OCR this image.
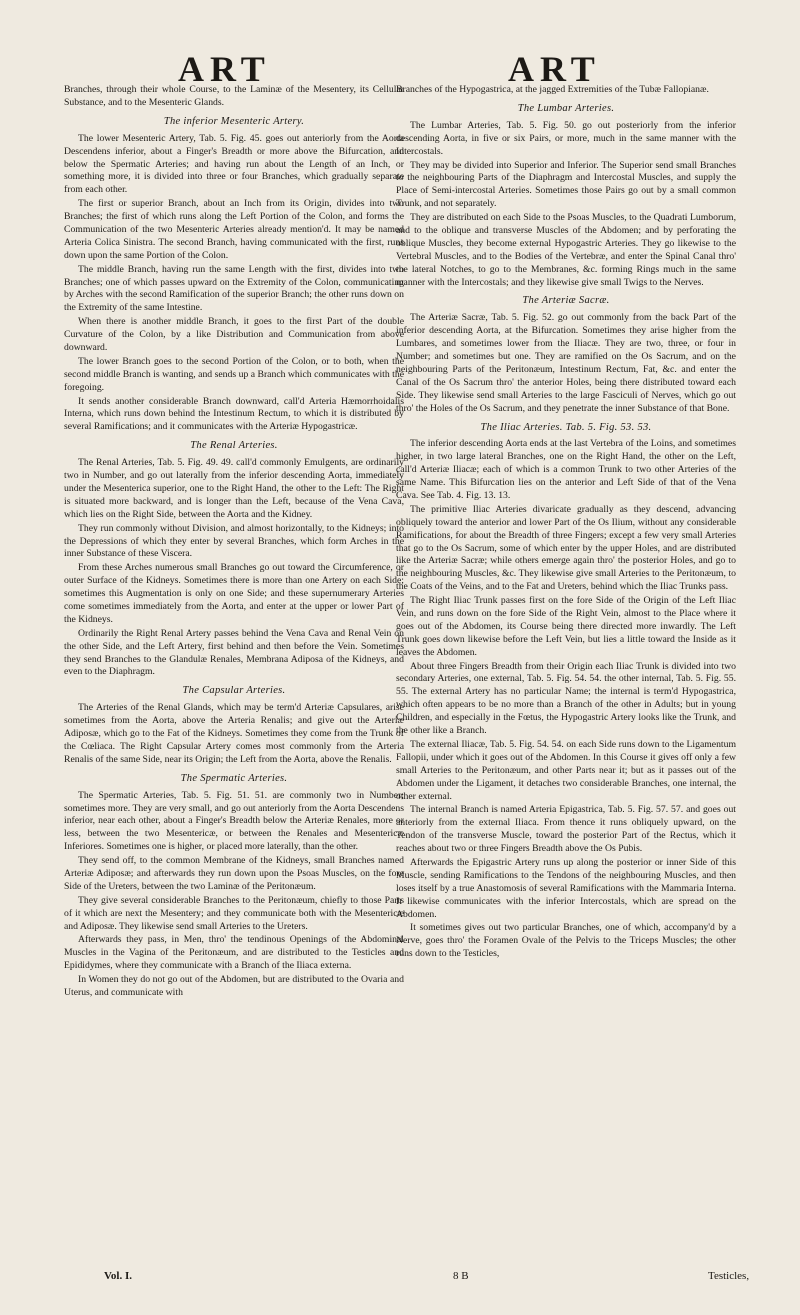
ART	ART

Branches, through their whole Course, to the Laminæ of the Mesentery, its Cellular Substance, and to the Mesenteric Glands.

The inferior Mesenteric Artery.

The lower Mesenteric Artery, Tab. 5. Fig. 45. goes out anteriorly from the Aorta Descendens inferior, about a Finger's Breadth or more above the Bifurcation, and below the Spermatic Arteries; and having run about the Length of an Inch, or something more, it is divided into three or four Branches, which gradually separate from each other.

The first or superior Branch, about an Inch from its Origin, divides into two Branches; the first of which runs along the Left Portion of the Colon, and forms the Communication of the two Mesenteric Arteries already mention'd. It may be named Arteria Colica Sinistra. The second Branch, having communicated with the first, runs down upon the same Portion of the Colon.

The middle Branch, having run the same Length with the first, divides into two Branches; one of which passes upward on the Extremity of the Colon, communicating by Arches with the second Ramification of the superior Branch; the other runs down on the Extremity of the same Intestine.

When there is another middle Branch, it goes to the first Part of the double Curvature of the Colon, by a like Distribution and Communication from above downward.

The lower Branch goes to the second Portion of the Colon, or to both, when the second middle Branch is wanting, and sends up a Branch which communicates with the foregoing.

It sends another considerable Branch downward, call'd Arteria Hæmorrhoidalis Interna, which runs down behind the Intestinum Rectum, to which it is distributed by several Ramifications; and it communicates with the Arteriæ Hypogastricæ.

The Renal Arteries.

The Renal Arteries, Tab. 5. Fig. 49. 49. call'd commonly Emulgents, are ordinarily two in Number, and go out laterally from the inferior descending Aorta, immediately under the Mesenterica superior, one to the Right Hand, the other to the Left: The Right is situated more backward, and is longer than the Left, because of the Vena Cava, which lies on the Right Side, between the Aorta and the Kidney.

They run commonly without Division, and almost horizontally, to the Kidneys; into the Depressions of which they enter by several Branches, which form Arches in the inner Substance of these Viscera.

From these Arches numerous small Branches go out toward the Circumference, or outer Surface of the Kidneys. Sometimes there is more than one Artery on each Side; sometimes this Augmentation is only on one Side; and these supernumerary Arteries come sometimes immediately from the Aorta, and enter at the upper or lower Part of the Kidneys.

Ordinarily the Right Renal Artery passes behind the Vena Cava and Renal Vein on the other Side, and the Left Artery, first behind and then before the Vein. Sometimes they send Branches to the Glandulæ Renales, Membrana Adiposa of the Kidneys, and even to the Diaphragm.

The Capsular Arteries.

The Arteries of the Renal Glands, which may be term'd Arteriæ Capsulares, arise sometimes from the Aorta, above the Arteria Renalis; and give out the Arteriæ Adiposæ, which go to the Fat of the Kidneys. Sometimes they come from the Trunk of the Cœliaca. The Right Capsular Artery comes most commonly from the Arteria Renalis of the same Side, near its Origin; the Left from the Aorta, above the Renalis.

The Spermatic Arteries.

The Spermatic Arteries, Tab. 5. Fig. 51. 51. are commonly two in Number; sometimes more. They are very small, and go out anteriorly from the Aorta Descendens inferior, near each other, about a Finger's Breadth below the Arteriæ Renales, more or less, between the two Mesentericæ, or between the Renales and Mesentericæ Inferiores. Sometimes one is higher, or placed more laterally, than the other.

They send off, to the common Membrane of the Kidneys, small Branches named Arteriæ Adiposæ; and afterwards they run down upon the Psoas Muscles, on the fore Side of the Ureters, between the two Laminæ of the Peritonæum.

They give several considerable Branches to the Peritonæum, chiefly to those Parts of it which are next the Mesentery; and they communicate both with the Mesentericæ and Adiposæ. They likewise send small Arteries to the Ureters.

Afterwards they pass, in Men, thro' the tendinous Openings of the Abdominal Muscles in the Vagina of the Peritonæum, and are distributed to the Testicles and Epididymes, where they communicate with a Branch of the Iliaca externa.

In Women they do not go out of the Abdomen, but are distributed to the Ovaria and Uterus, and communicate with

Branches of the Hypogastrica, at the jagged Extremities of the Tubæ Fallopianæ.

The Lumbar Arteries.

The Lumbar Arteries, Tab. 5. Fig. 50. go out posteriorly from the inferior descending Aorta, in five or six Pairs, or more, much in the same manner with the Intercostals.

They may be divided into Superior and Inferior. The Superior send small Branches to the neighbouring Parts of the Diaphragm and Intercostal Muscles, and supply the Place of Semi-intercostal Arteries. Sometimes those Pairs go out by a small common Trunk, and not separately.

They are distributed on each Side to the Psoas Muscles, to the Quadrati Lumborum, and to the oblique and transverse Muscles of the Abdomen; and by perforating the oblique Muscles, they become external Hypogastric Arteries. They go likewise to the Vertebral Muscles, and to the Bodies of the Vertebræ, and enter the Spinal Canal thro' the lateral Notches, to go to the Membranes, &c. forming Rings much in the same manner with the Intercostals; and they likewise give small Twigs to the Nerves.

The Arteriæ Sacræ.

The Arteriæ Sacræ, Tab. 5. Fig. 52. go out commonly from the back Part of the inferior descending Aorta, at the Bifurcation. Sometimes they arise higher from the Lumbares, and sometimes lower from the Iliacæ. They are two, three, or four in Number; and sometimes but one. They are ramified on the Os Sacrum, and on the neighbouring Parts of the Peritonæum, Intestinum Rectum, Fat, &c. and enter the Canal of the Os Sacrum thro' the anterior Holes, being there distributed toward each Side. They likewise send small Arteries to the large Fasciculi of Nerves, which go out thro' the Holes of the Os Sacrum, and they penetrate the inner Substance of that Bone.

The Iliac Arteries. Tab. 5. Fig. 53. 53.

The inferior descending Aorta ends at the last Vertebra of the Loins, and sometimes higher, in two large lateral Branches, one on the Right Hand, the other on the Left, call'd Arteriæ Iliacæ; each of which is a common Trunk to two other Arteries of the same Name. This Bifurcation lies on the anterior and Left Side of that of the Vena Cava. See Tab. 4. Fig. 13. 13.

The primitive Iliac Arteries divaricate gradually as they descend, advancing obliquely toward the anterior and lower Part of the Os Ilium, without any considerable Ramifications, for about the Breadth of three Fingers; except a few very small Arteries that go to the Os Sacrum, some of which enter by the upper Holes, and are distributed like the Arteriæ Sacræ; while others emerge again thro' the posterior Holes, and go to the neighbouring Muscles, &c. They likewise give small Arteries to the Peritonæum, to the Coats of the Veins, and to the Fat and Ureters, behind which the Iliac Trunks pass.

The Right Iliac Trunk passes first on the fore Side of the Origin of the Left Iliac Vein, and runs down on the fore Side of the Right Vein, almost to the Place where it goes out of the Abdomen, its Course being there directed more inwardly. The Left Trunk goes down likewise before the Left Vein, but lies a little toward the Inside as it leaves the Abdomen.

About three Fingers Breadth from their Origin each Iliac Trunk is divided into two secondary Arteries, one external, Tab. 5. Fig. 54. 54. the other internal, Tab. 5. Fig. 55. 55. The external Artery has no particular Name; the internal is term'd Hypogastrica, which often appears to be no more than a Branch of the other in Adults; but in young Children, and especially in the Fœtus, the Hypogastric Artery looks like the Trunk, and the other like a Branch.

The external Iliacæ, Tab. 5. Fig. 54. 54. on each Side runs down to the Ligamentum Fallopii, under which it goes out of the Abdomen. In this Course it gives off only a few small Arteries to the Peritonæum, and other Parts near it; but as it passes out of the Abdomen under the Ligament, it detaches two considerable Branches, one internal, the other external.

The internal Branch is named Arteria Epigastrica, Tab. 5. Fig. 57. 57. and goes out anteriorly from the external Iliaca. From thence it runs obliquely upward, on the Tendon of the transverse Muscle, toward the posterior Part of the Rectus, which it reaches about two or three Fingers Breadth above the Os Pubis.

Afterwards the Epigastric Artery runs up along the posterior or inner Side of this Muscle, sending Ramifications to the Tendons of the neighbouring Muscles, and then loses itself by a true Anastomosis of several Ramifications with the Mammaria Interna. It likewise communicates with the inferior Intercostals, which are spread on the Abdomen.

It sometimes gives out two particular Branches, one of which, accompany'd by a Nerve, goes thro' the Foramen Ovale of the Pelvis to the Triceps Muscles; the other runs down to the Testicles,

Vol. I.	8 B	Testicles,
